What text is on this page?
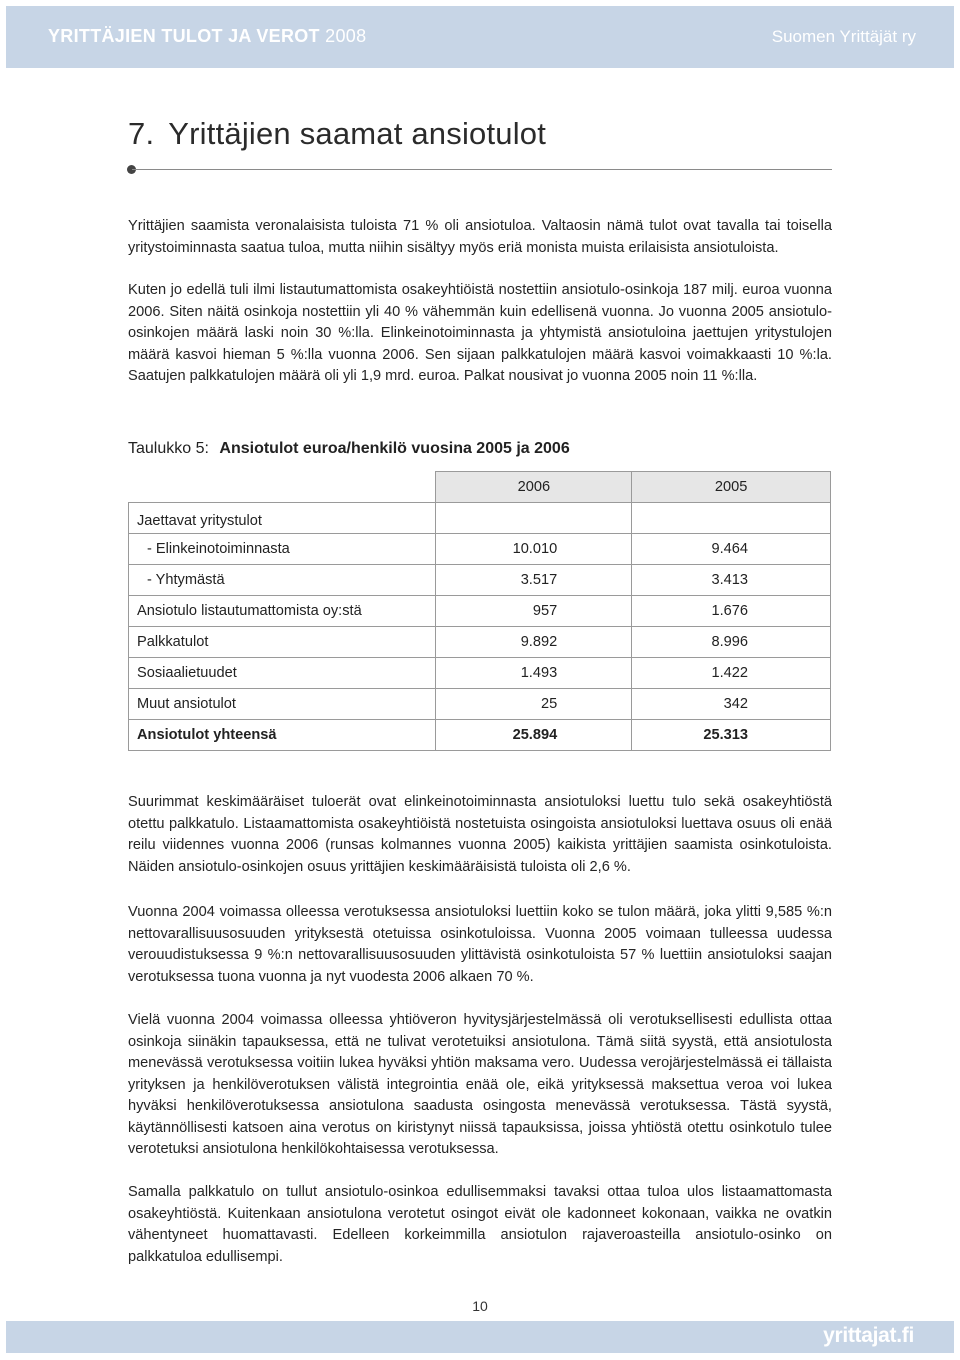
YRITTÄJIEN TULOT JA VEROT 2008	Suomen Yrittäjät ry
7. Yrittäjien saamat ansiotulot

Yrittäjien saamista veronalaisista tuloista 71 % oli ansiotuloa. Valtaosin nämä tulot ovat tavalla tai toisella yritystoiminnasta saatua tuloa, mutta niihin sisältyy myös eriä monista muista erilaisista ansiotuloista.

Kuten jo edellä tuli ilmi listautumattomista osakeyhtiöistä nostettiin ansiotulo-osinkoja 187 milj. euroa vuonna 2006. Siten näitä osinkoja nostettiin yli 40 % vähemmän kuin edellisenä vuonna. Jo vuonna 2005 ansiotulo-osinkojen määrä laski noin 30 %:lla. Elinkeinotoiminnasta ja yhtymistä ansiotuloina jaettujen yritystulojen määrä kasvoi hieman 5 %:lla vuonna 2006. Sen sijaan palkkatulojen määrä kasvoi voimakkaasti 10 %:la. Saatujen palkkatulojen määrä oli yli 1,9 mrd. euroa. Palkat nousivat jo vuonna 2005 noin 11 %:lla.

Taulukko 5: Ansiotulot euroa/henkilö vuosina 2005 ja 2006
	2006	2005
Jaettavat yritystulot		
- Elinkeinotoiminnasta	10.010	9.464
- Yhtymästä	3.517	3.413
Ansiotulo listautumattomista oy:stä	957	1.676
Palkkatulot	9.892	8.996
Sosiaalietuudet	1.493	1.422
Muut ansiotulot	25	342
Ansiotulot yhteensä	25.894	25.313

Suurimmat keskimääräiset tuloerät ovat elinkeinotoiminnasta ansiotuloksi luettu tulo sekä osakeyhtiöstä otettu palkkatulo. Listaamattomista osakeyhtiöistä nostetuista osingoista ansiotuloksi luettava osuus oli enää reilu viidennes vuonna 2006 (runsas kolmannes vuonna 2005) kaikista yrittäjien saamista osinkotuloista. Näiden ansiotulo-osinkojen osuus yrittäjien keskimääräisistä tuloista oli 2,6 %.

Vuonna 2004 voimassa olleessa verotuksessa ansiotuloksi luettiin koko se tulon määrä, joka ylitti 9,585 %:n nettovarallisuusosuuden yrityksestä otetuissa osinkotuloissa. Vuonna 2005 voimaan tulleessa uudessa verouudistuksessa 9 %:n nettovarallisuusosuuden ylittävistä osinkotuloista 57 % luettiin ansiotuloksi saajan verotuksessa tuona vuonna ja nyt vuodesta 2006 alkaen 70 %.

Vielä vuonna 2004 voimassa olleessa yhtiöveron hyvitysjärjestelmässä oli verotuksellisesti edullista ottaa osinkoja siinäkin tapauksessa, että ne tulivat verotetuiksi ansiotulona. Tämä siitä syystä, että ansiotulosta menevässä verotuksessa voitiin lukea hyväksi yhtiön maksama vero. Uudessa verojärjestelmässä ei tällaista yrityksen ja henkilöverotuksen välistä integrointia enää ole, eikä yrityksessä maksettua veroa voi lukea hyväksi henkilöverotuksessa ansiotulona saadusta osingosta menevässä verotuksessa. Tästä syystä, käytännöllisesti katsoen aina verotus on kiristynyt niissä tapauksissa, joissa yhtiöstä otettu osinkotulo tulee verotetuksi ansiotulona henkilökohtaisessa verotuksessa.

Samalla palkkatulo on tullut ansiotulo-osinkoa edullisemmaksi tavaksi ottaa tuloa ulos listaamattomasta osakeyhtiöstä. Kuitenkaan ansiotulona verotetut osingot eivät ole kadonneet kokonaan, vaikka ne ovatkin vähentyneet huomattavasti. Edelleen korkeimmilla ansiotulon rajaveroasteilla ansiotulo-osinko on palkkatuloa edullisempi.

10
yrittajat.fi
